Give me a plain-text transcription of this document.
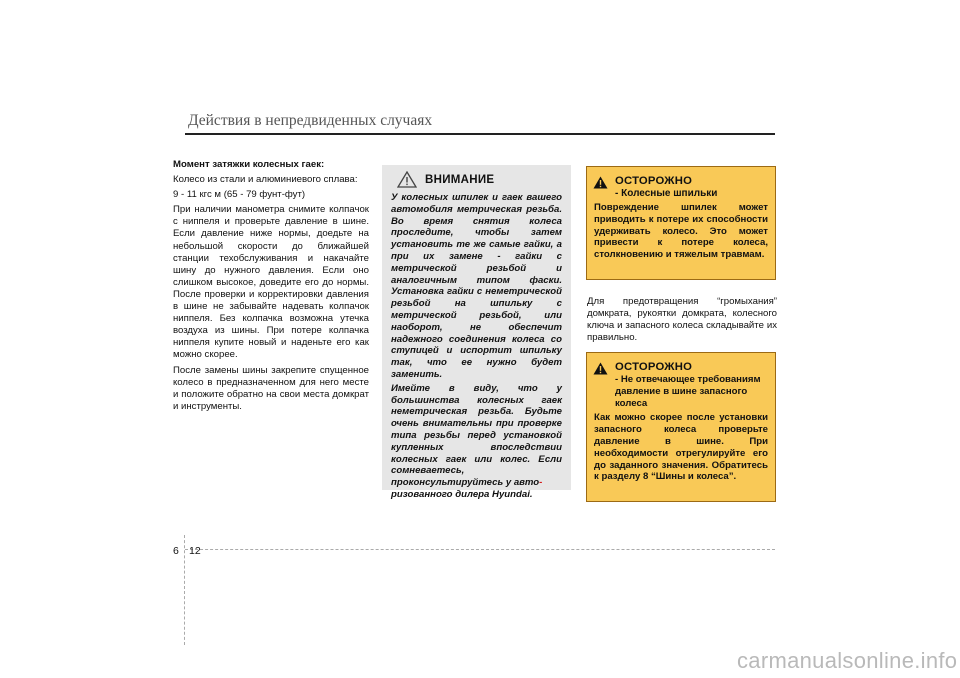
Действия в непредвиденных случаях
Момент затяжки колесных гаек:

Колесо из стали и алюминиевого сплава:

9 - 11 кгс м (65 - 79 фунт-фут)

При наличии манометра снимите колпачок с ниппеля и проверьте давление в шине. Если давление ниже нормы, доедьте на небольшой скорости до ближайшей станции техобслуживания и накачайте шину до нужного давления. Если оно слишком высокое, доведите его до нормы. После проверки и корректировки давления в шине не забывайте надевать колпачок ниппеля. Без колпачка возможна утечка воздуха из шины. При потере колпачка ниппеля купите новый и наденьте его как можно скорее.

После замены шины закрепите спущенное колесо в предназначенном для него месте и положите обратно на свои места домкрат и инструменты.

ВНИМАНИЕ

У колесных шпилек и гаек вашего автомобиля метрическая резьба. Во время снятия колеса проследите, чтобы затем установить те же самые гайки, а при их замене - гайки с метрической резьбой и аналогичным типом фаски. Установка гайки с неметрической резьбой на шпильку с метрической резьбой, или наоборот, не обеспечит надежного соединения колеса со ступицей и испортит шпильку так, что ее нужно будет заменить.

Имейте в виду, что у большинства колесных гаек неметрическая резьба. Будьте очень внимательны при проверке типа резьбы перед установкой купленных впоследствии колесных гаек или колес. Если сомневаетесь, проконсультируйтесь у авто-
ризованного дилера Hyundai.

ОСТОРОЖНО
- Колесные шпильки
Повреждение шпилек может приводить к потере их способности удерживать колесо. Это может привести к потере колеса, столкновению и тяжелым травмам.

Для предотвращения “громыхания” домкрата, рукоятки домкрата, колесного ключа и запасного колеса складывайте их правильно.

ОСТОРОЖНО
- Не отвечающее требованиям давление в шине запасного колеса
Как можно скорее после установки запасного колеса проверьте давление в шине. При необходимости отрегулируйте его до заданного значения. Обратитесь к разделу 8 “Шины и колеса”.
6 12
carmanualsonline.info
